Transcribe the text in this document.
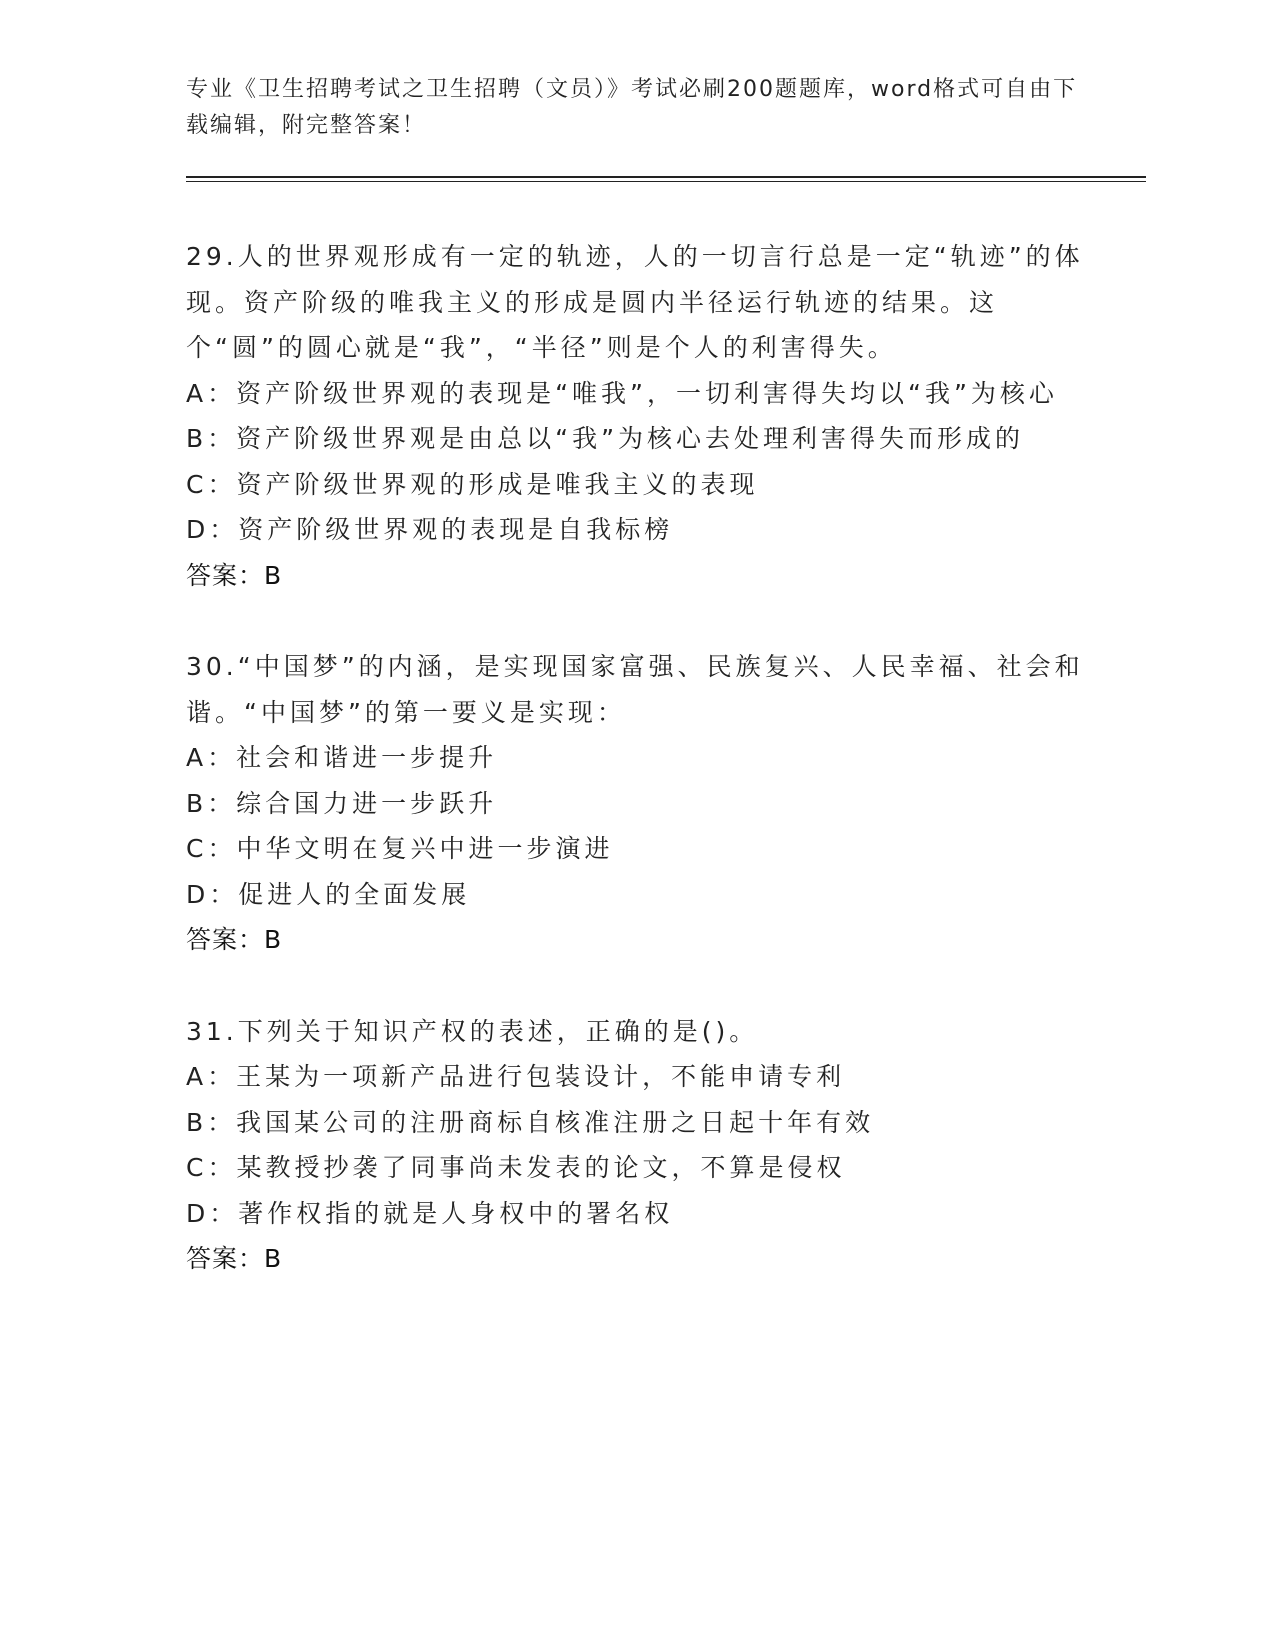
专业《卫生招聘考试之卫生招聘（文员）》考试必刷200题题库，word格式可自由下载编辑，附完整答案！

29.人的世界观形成有一定的轨迹，人的一切言行总是一定“轨迹”的体现。资产阶级的唯我主义的形成是圆内半径运行轨迹的结果。这个“圆”的圆心就是“我”，“半径”则是个人的利害得失。

A：资产阶级世界观的表现是“唯我”，一切利害得失均以“我”为核心

B：资产阶级世界观是由总以“我”为核心去处理利害得失而形成的

C：资产阶级世界观的形成是唯我主义的表现

D：资产阶级世界观的表现是自我标榜

答案：B

30.“中国梦”的内涵，是实现国家富强、民族复兴、人民幸福、社会和谐。“中国梦”的第一要义是实现：

A：社会和谐进一步提升

B：综合国力进一步跃升

C：中华文明在复兴中进一步演进

D：促进人的全面发展

答案：B

31.下列关于知识产权的表述，正确的是()。

A：王某为一项新产品进行包装设计，不能申请专利

B：我国某公司的注册商标自核准注册之日起十年有效

C：某教授抄袭了同事尚未发表的论文，不算是侵权

D：著作权指的就是人身权中的署名权

答案：B
